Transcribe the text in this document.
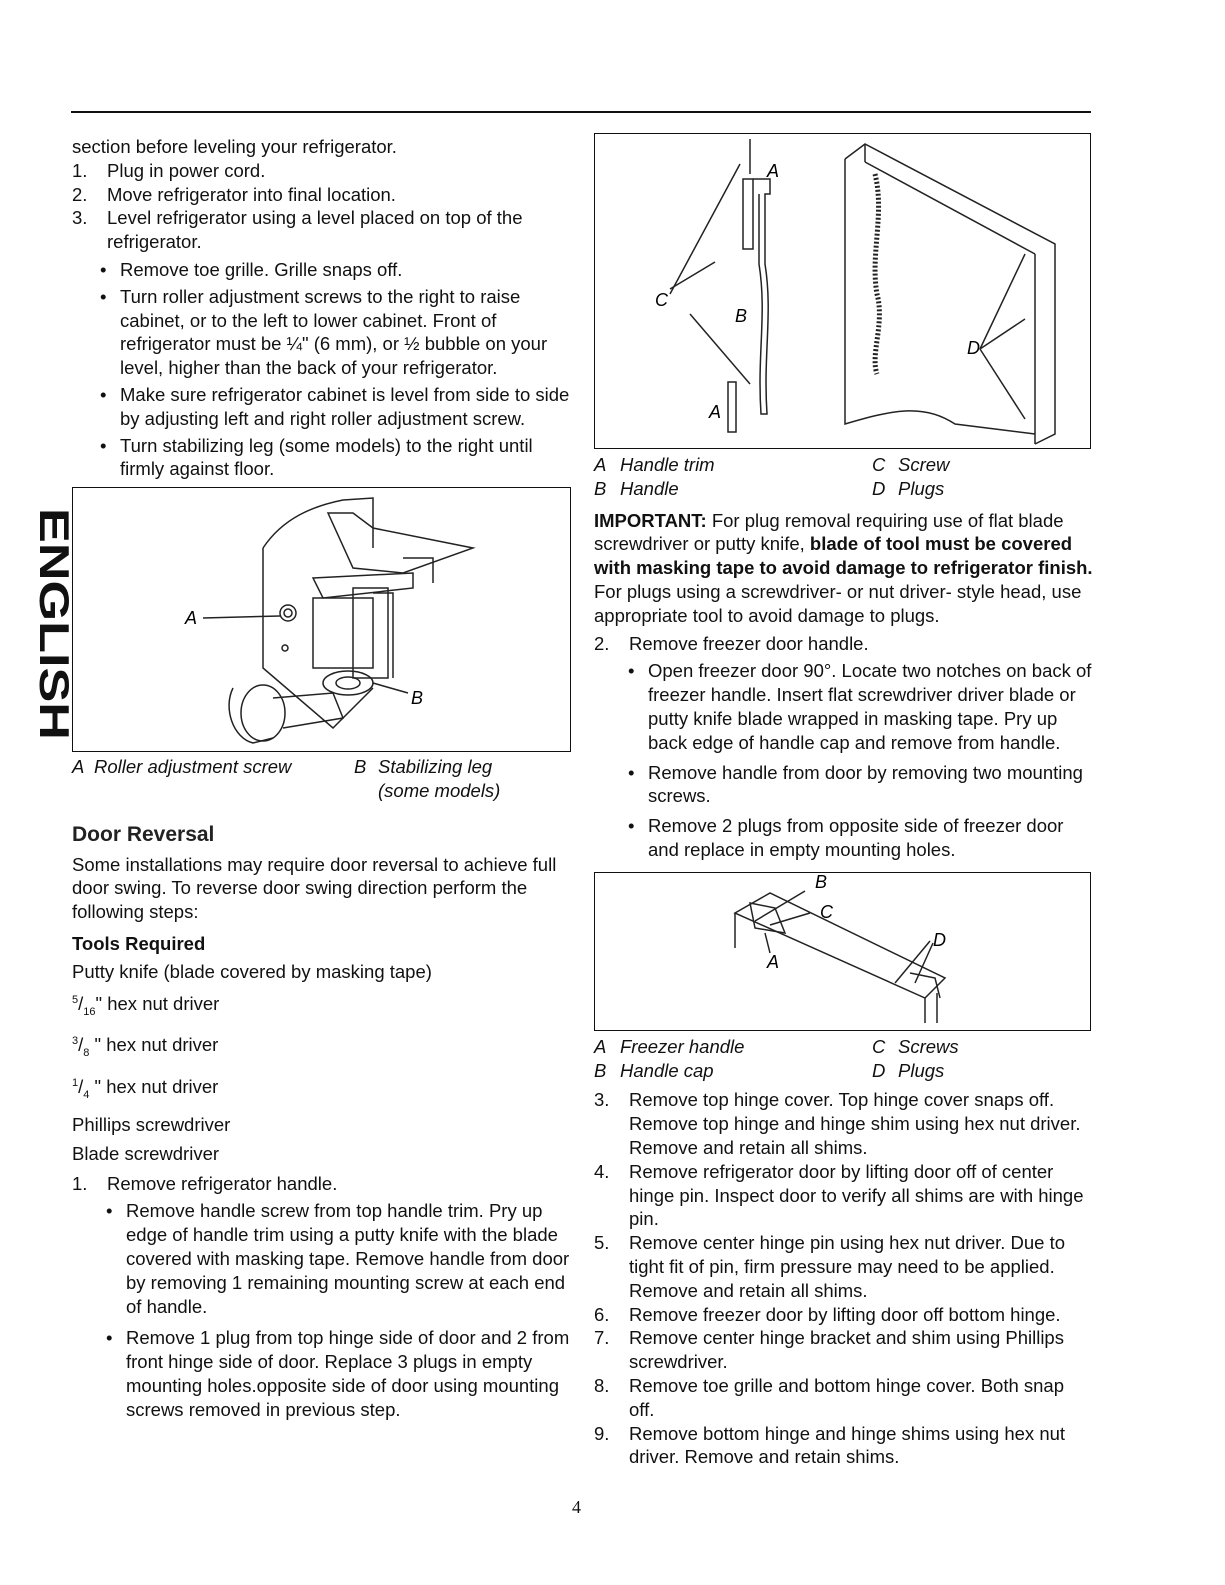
ENGLISH

section before leveling your refrigerator.

1.	Plug in power cord.
2.	Move refrigerator into final location.
3.	Level refrigerator using a level placed on top of the refrigerator.
• Remove toe grille. Grille snaps off.
• Turn roller adjustment screws to the right to raise cabinet, or to the left to lower cabinet. Front of refrigerator must be ¼" (6 mm), or ½ bubble on your level, higher than the back of your refrigerator.
• Make sure refrigerator cabinet is level from side to side by adjusting left and right roller adjustment screw.
• Turn stabilizing leg (some models) to the right until firmly against floor.
A
B
A Roller adjustment screw	B Stabilizing leg
(some models)
Door Reversal

Some installations may require door reversal to achieve full door swing. To reverse door swing direction perform the following steps:

Tools Required

Putty knife (blade covered by masking tape)

$^5/_{16}$" hex nut driver

$^3/_8$ " hex nut driver

$^1/_4$ " hex nut driver

Phillips screwdriver

Blade screwdriver

1.	Remove refrigerator handle.
• Remove handle screw from top handle trim. Pry up edge of handle trim using a putty knife with the blade covered with masking tape. Remove handle from door by removing 1 remaining mounting screw at each end of handle.
• Remove 1 plug from top hinge side of door and 2 from front hinge side of door. Replace 3 plugs in empty mounting holes.opposite side of door using mounting screws removed in previous step.
A
C
B
A
D
A Handle trim	C Screw
B Handle	D Plugs

IMPORTANT: For plug removal requiring use of flat blade screwdriver or putty knife, blade of tool must be covered with masking tape to avoid damage to refrigerator finish. For plugs using a screwdriver- or nut driver- style head, use appropriate tool to avoid damage to plugs.

2.	Remove freezer door handle.
• Open freezer door 90°. Locate two notches on back of freezer handle. Insert flat screwdriver driver blade or putty knife blade wrapped in masking tape. Pry up back edge of handle cap and remove from handle.
• Remove handle from door by removing two mounting screws.
• Remove 2 plugs from opposite side of freezer door and replace in empty mounting holes.
B
C
A
D
A Freezer handle	C Screws
B Handle cap	D Plugs
3.	Remove top hinge cover. Top hinge cover snaps off. Remove top hinge and hinge shim using hex nut driver. Remove and retain all shims.
4.	Remove refrigerator door by lifting door off of center hinge pin. Inspect door to verify all shims are with hinge pin.
5.	Remove center hinge pin using hex nut driver. Due to tight fit of pin, firm pressure may need to be applied. Remove and retain all shims.
6.	Remove freezer door by lifting door off bottom hinge.
7.	Remove center hinge bracket and shim using Phillips screwdriver.
8.	Remove toe grille and bottom hinge cover. Both snap off.
9.	Remove bottom hinge and hinge shims using hex nut driver. Remove and retain shims.
4
